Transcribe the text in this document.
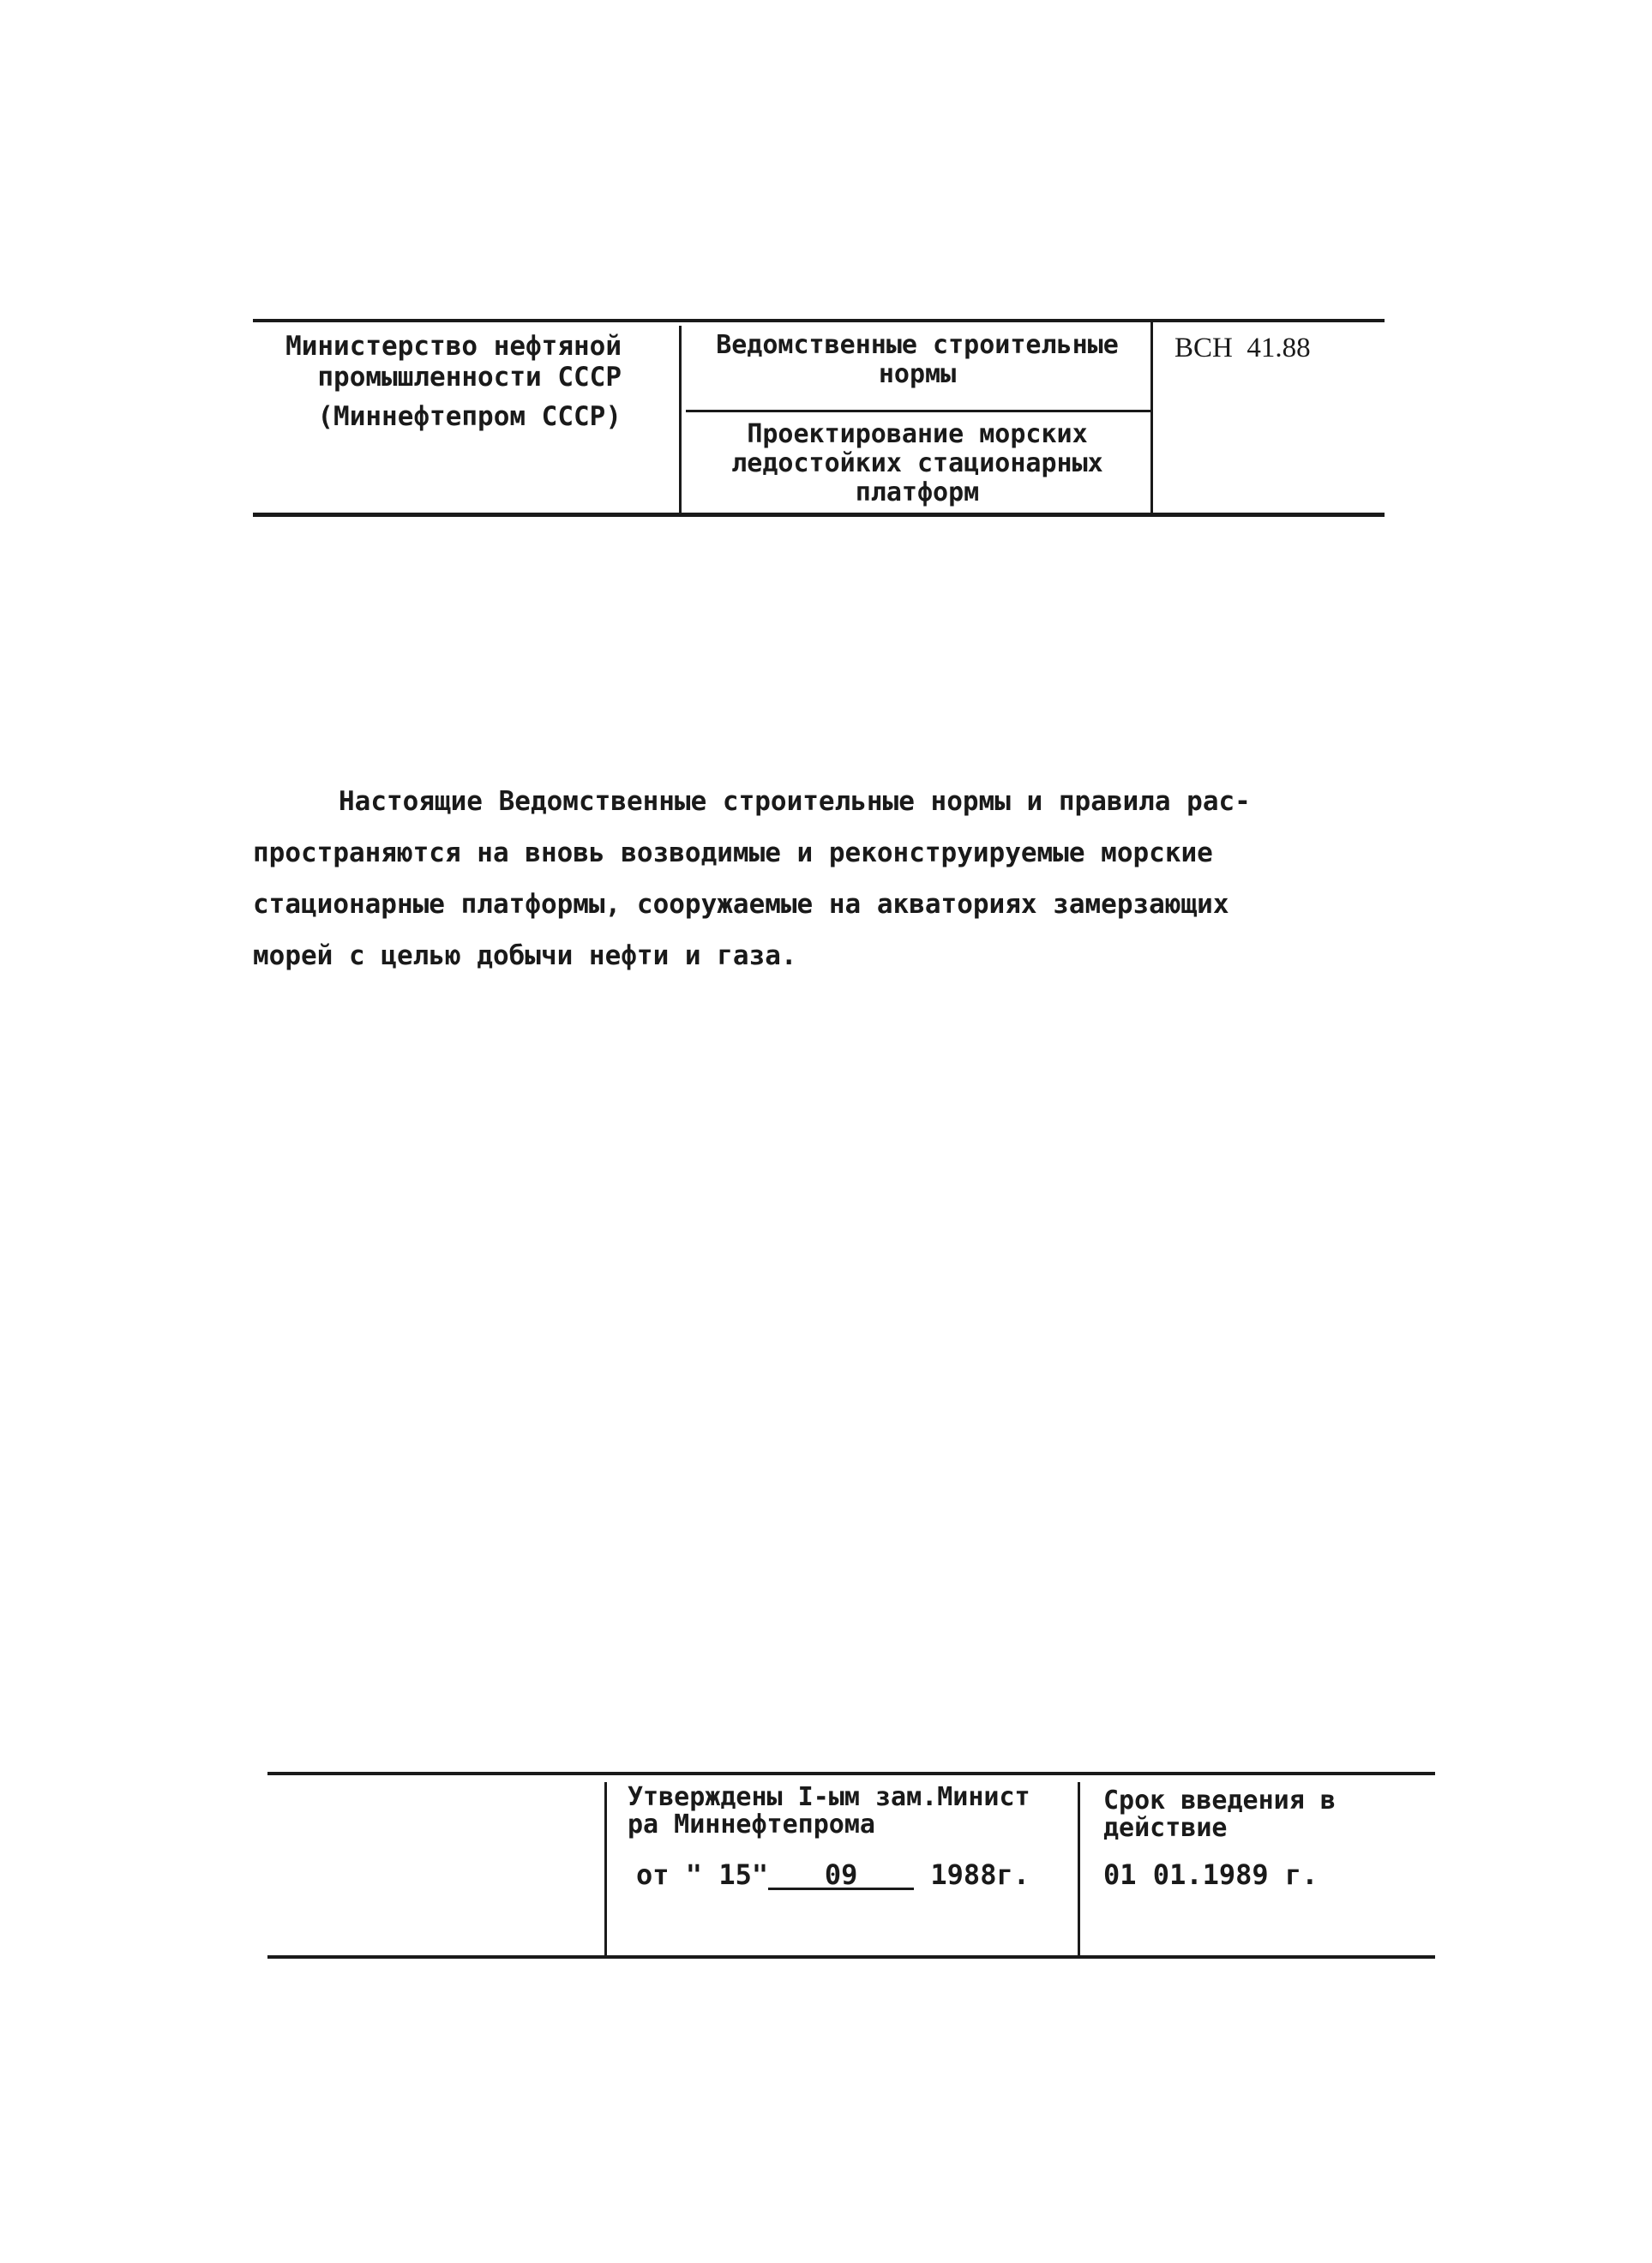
Министерство нефтяной
промышленности СССР
(Миннефтепром СССР)
Ведомственные строительные
нормы
Проектирование морских
ледостойких стационарных
платформ
ВСН  41.88
Настоящие Ведомственные строительные нормы и правила рас-
пространяются на вновь возводимые и реконструируемые морские
стационарные платформы, сооружаемые на акваториях замерзающих
морей с целью добычи нефти и газа.
Утверждены I-ым зам.Минист
ра Миннефтепрома
от " 15" 09	1988г.
Срок введения в
действие
01 01.1989 г.
